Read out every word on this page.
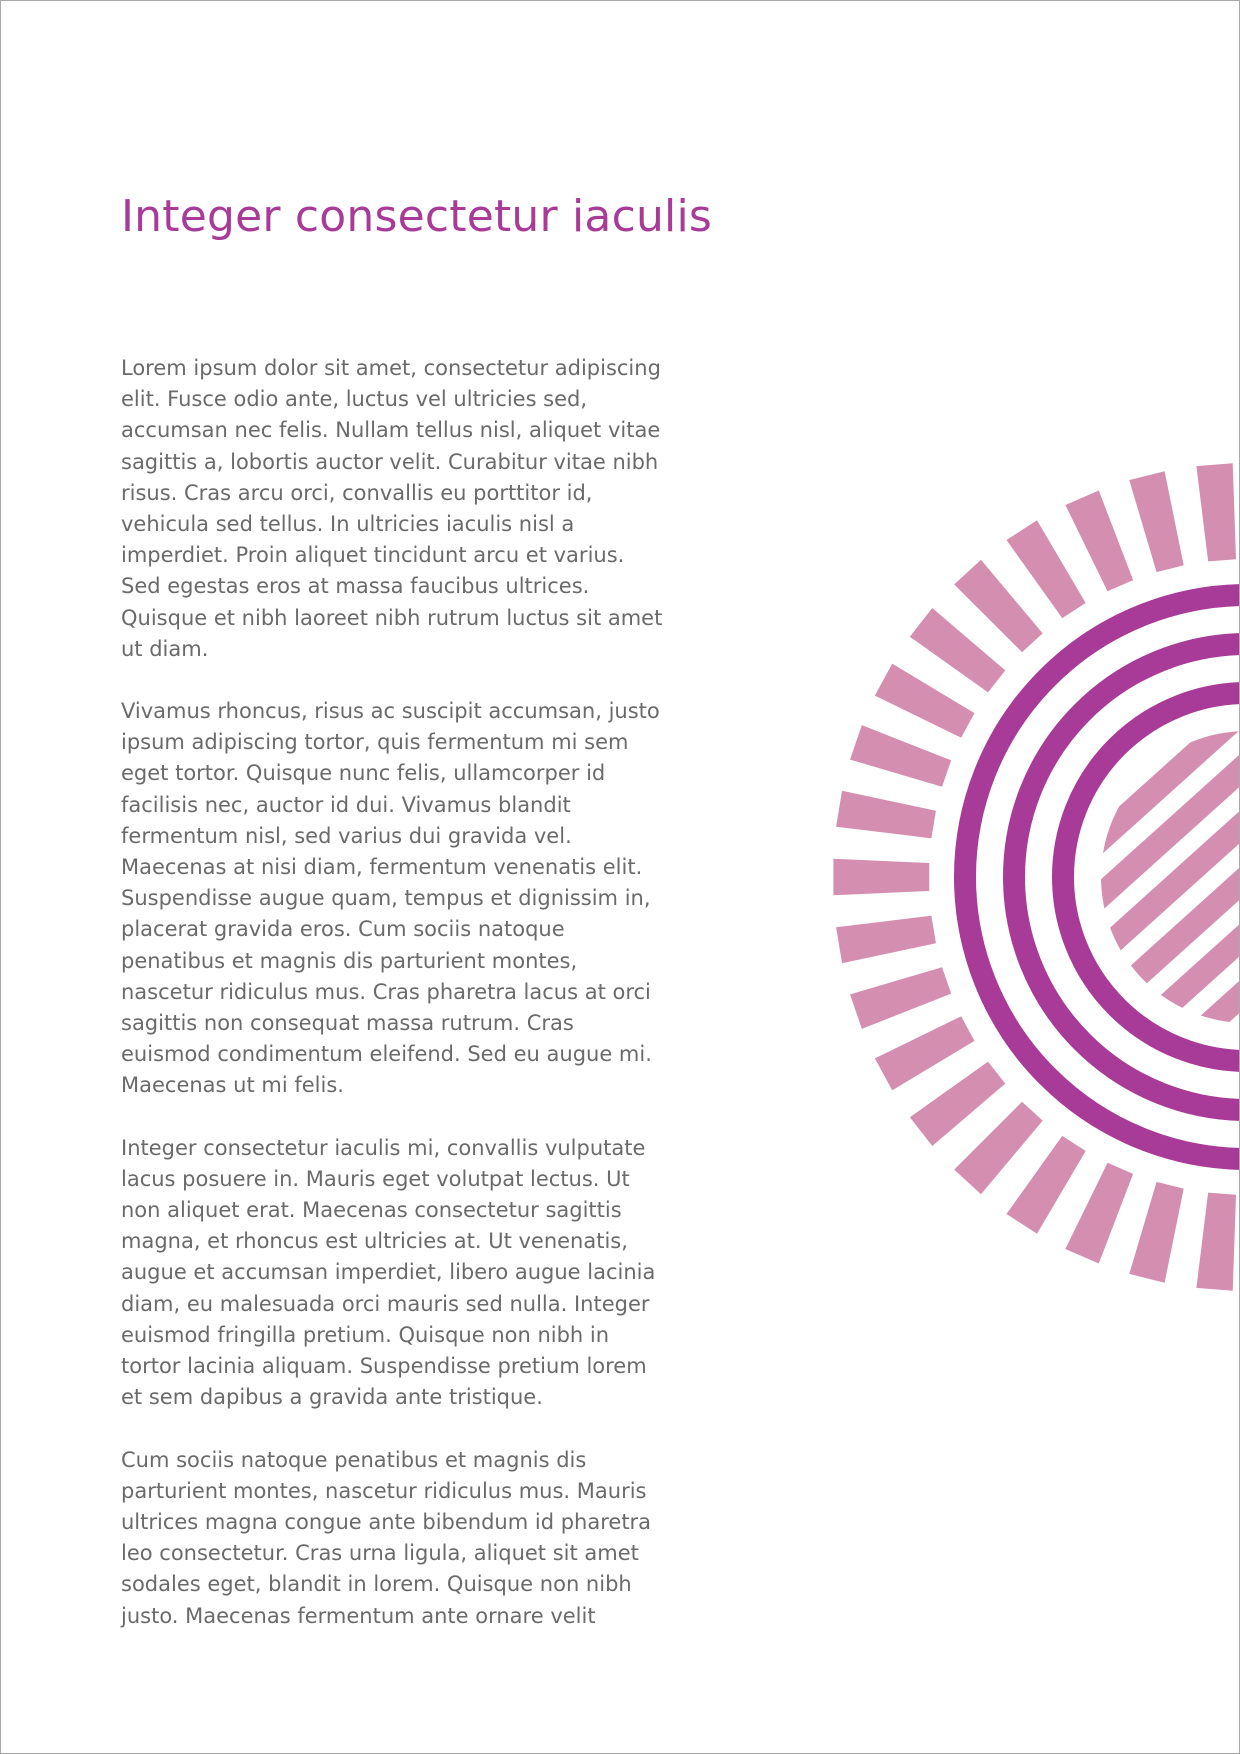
Integer consectetur iaculis

Lorem ipsum dolor sit amet, consectetur adipiscing
elit. Fusce odio ante, luctus vel ultricies sed,
accumsan nec felis. Nullam tellus nisl, aliquet vitae
sagittis a, lobortis auctor velit. Curabitur vitae nibh
risus. Cras arcu orci, convallis eu porttitor id,
vehicula sed tellus. In ultricies iaculis nisl a
imperdiet. Proin aliquet tincidunt arcu et varius.
Sed egestas eros at massa faucibus ultrices.
Quisque et nibh laoreet nibh rutrum luctus sit amet
ut diam.

Vivamus rhoncus, risus ac suscipit accumsan, justo
ipsum adipiscing tortor, quis fermentum mi sem
eget tortor. Quisque nunc felis, ullamcorper id
facilisis nec, auctor id dui. Vivamus blandit
fermentum nisl, sed varius dui gravida vel.
Maecenas at nisi diam, fermentum venenatis elit.
Suspendisse augue quam, tempus et dignissim in,
placerat gravida eros. Cum sociis natoque
penatibus et magnis dis parturient montes,
nascetur ridiculus mus. Cras pharetra lacus at orci
sagittis non consequat massa rutrum. Cras
euismod condimentum eleifend. Sed eu augue mi.
Maecenas ut mi felis.

Integer consectetur iaculis mi, convallis vulputate
lacus posuere in. Mauris eget volutpat lectus. Ut
non aliquet erat. Maecenas consectetur sagittis
magna, et rhoncus est ultricies at. Ut venenatis,
augue et accumsan imperdiet, libero augue lacinia
diam, eu malesuada orci mauris sed nulla. Integer
euismod fringilla pretium. Quisque non nibh in
tortor lacinia aliquam. Suspendisse pretium lorem
et sem dapibus a gravida ante tristique.

Cum sociis natoque penatibus et magnis dis
parturient montes, nascetur ridiculus mus. Mauris
ultrices magna congue ante bibendum id pharetra
leo consectetur. Cras urna ligula, aliquet sit amet
sodales eget, blandit in lorem. Quisque non nibh
justo. Maecenas fermentum ante ornare velit
